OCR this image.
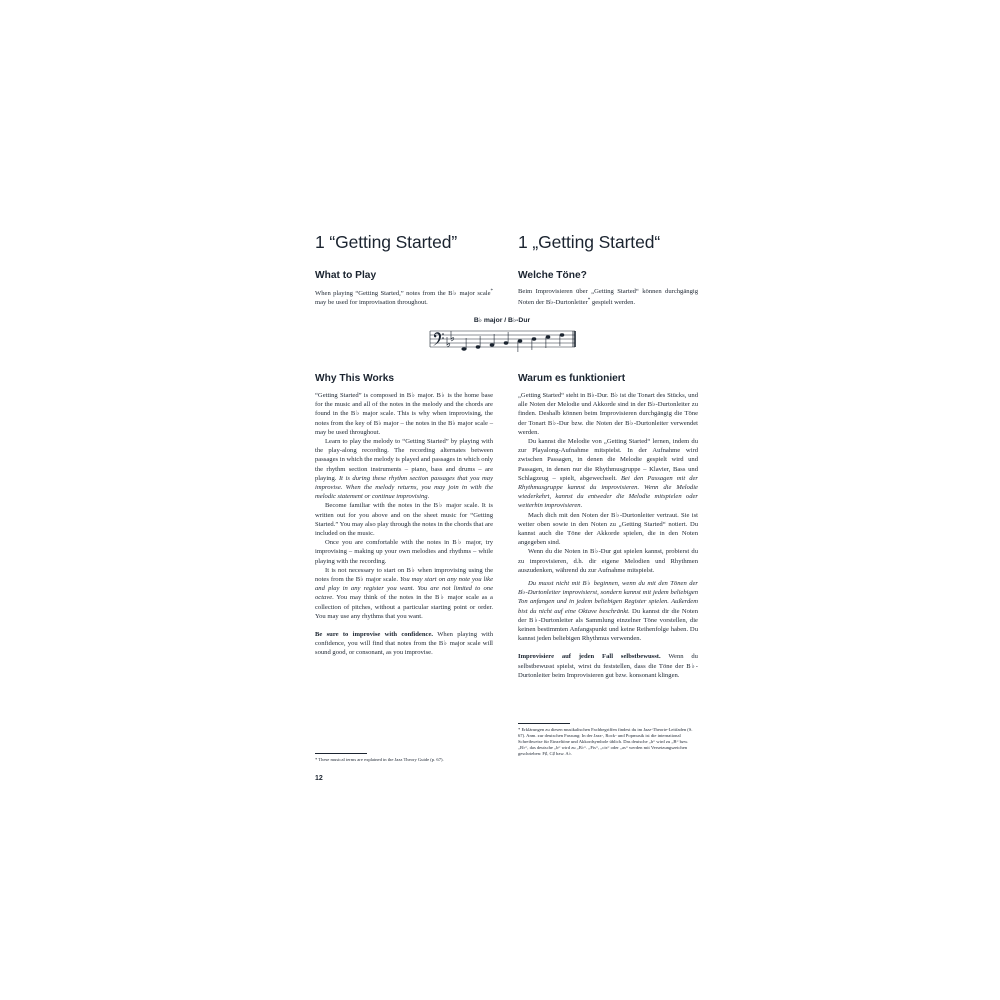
1 “Getting Started”
What to Play
When playing “Getting Started,” notes from the B♭ major scale* may be used for improvisation throughout.
1 „Getting Started“
Welche Töne?
Beim Improvisieren über „Getting Started“ können durchgängig Noten der B♭-Durtonleiter* gespielt werden.
B♭ major / B♭-Dur
Why This Works

“Getting Started” is composed in B♭ major. B♭ is the home base for the music and all of the notes in the melody and the chords are found in the B♭ major scale. This is why when improvising, the notes from the key of B♭ major – the notes in the B♭ major scale – may be used throughout.

Learn to play the melody to “Getting Started” by playing with the play-along recording. The recording alternates between passages in which the melody is played and passages in which only the rhythm section instruments – piano, bass and drums – are playing. It is during these rhythm section passages that you may improvise. When the melody returns, you may join in with the melodic statement or continue improvising.

Become familiar with the notes in the B♭ major scale. It is written out for you above and on the sheet music for “Getting Started.” You may also play through the notes in the chords that are included on the music.

Once you are comfortable with the notes in B♭ major, try improvising – making up your own melodies and rhythms – while playing with the recording.

It is not necessary to start on B♭ when improvising using the notes from the B♭ major scale. You may start on any note you like and play in any register you want. You are not limited to one octave. You may think of the notes in the B♭ major scale as a collection of pitches, without a particular starting point or order. You may use any rhythms that you want.

Be sure to improvise with confidence. When playing with confidence, you will find that notes from the B♭ major scale will sound good, or consonant, as you improvise.

Warum es funktioniert

„Getting Started“ steht in B♭-Dur. B♭ ist die Tonart des Stücks, und alle Noten der Melodie und Akkorde sind in der B♭-Durtonleiter zu finden. Deshalb können beim Improvisieren durchgängig die Töne der Tonart B♭-Dur bzw. die Noten der B♭-Durtonleiter verwendet werden.

Du kannst die Melodie von „Getting Started“ lernen, indem du zur Playalong-Aufnahme mitspielst. In der Aufnahme wird zwischen Passagen, in denen die Melodie gespielt wird und Passagen, in denen nur die Rhythmusgruppe – Klavier, Bass und Schlagzeug – spielt, abgewechselt. Bei den Passagen mit der Rhythmusgruppe kannst du improvisieren. Wenn die Melodie wiederkehrt, kannst du entweder die Melodie mitspielen oder weiterhin improvisieren.

Mach dich mit den Noten der B♭-Durtonleiter vertraut. Sie ist weiter oben sowie in den Noten zu „Getting Started“ notiert. Du kannst auch die Töne der Akkorde spielen, die in den Noten angegeben sind.

Wenn du die Noten in B♭-Dur gut spielen kannst, probierst du zu improvisieren, d.h. dir eigene Melodien und Rhythmen auszudenken, während du zur Aufnahme mitspielst.

Du musst nicht mit B♭ beginnen, wenn du mit den Tönen der B♭-Durtonleiter improvisierst, sondern kannst mit jedem beliebigen Ton anfangen und in jedem beliebigen Register spielen. Außerdem bist du nicht auf eine Oktave beschränkt. Du kannst dir die Noten der B♭-Durtonleiter als Sammlung einzelner Töne vorstellen, die keinen bestimmten Anfangspunkt und keine Reihenfolge haben. Du kannst jeden beliebigen Rhythmus verwenden.

Improvisiere auf jeden Fall selbstbewusst. Wenn du selbstbewusst spielst, wirst du feststellen, dass die Töne der B♭-Durtonleiter beim Improvisieren gut bzw. konsonant klingen.

* These musical terms are explained in the Jazz Theory Guide (p. 67).
* Erklärungen zu diesen musikalischen Fachbegriffen findest du im Jazz-Theorie-Leitfaden (S. 67). Anm. zur deutschen Fassung: In der Jazz-, Rock- und Popmusik ist die international Schreibweise für Einzeltöne und Akkordsymbole üblich. Das deutsche „h“ wird zu „B“ bzw. „B♭“, das deutsche „b“ wird zu „B♭“. „Fis“, „cis“ oder „as“ werden mit Versetzungszeichen geschrieben: F♯, C♯ bzw. A♭.
12
